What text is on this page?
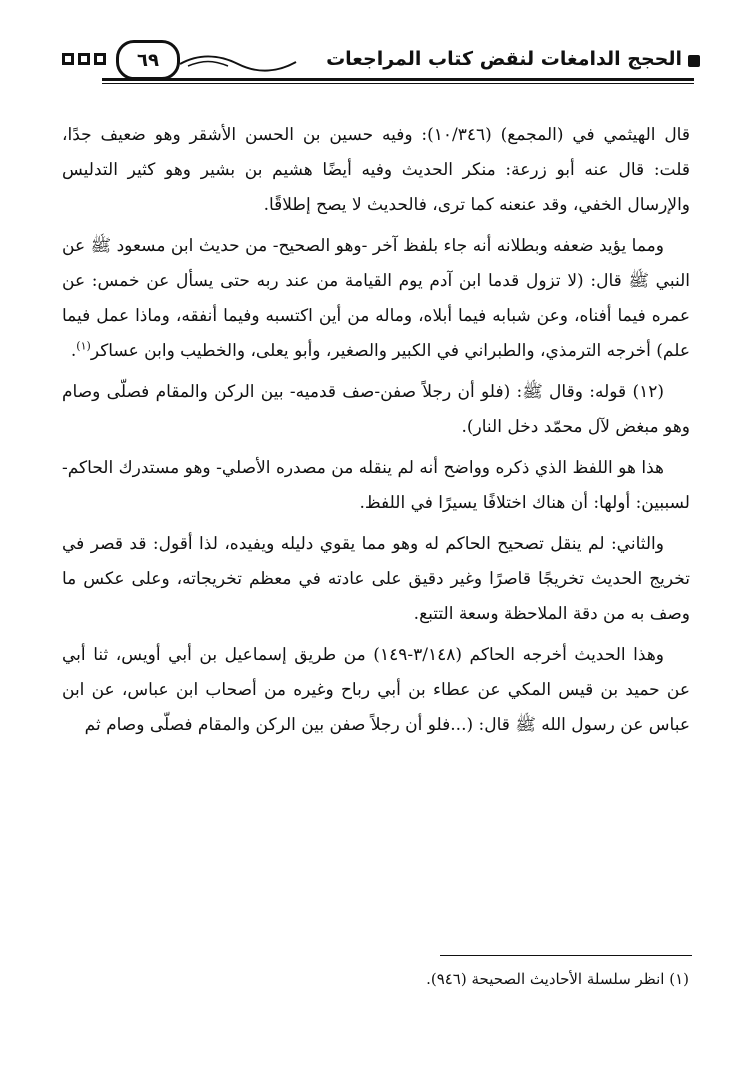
٦٩	الحجج الدامغات لنقض كتاب المراجعات

قال الهيثمي في (المجمع) (١٠/٣٤٦): وفيه حسين بن الحسن الأشقر وهو ضعيف جدًا، قلت: قال عنه أبو زرعة: منكر الحديث وفيه أيضًا هشيم بن بشير وهو كثير التدليس والإرسال الخفي، وقد عنعنه كما ترى، فالحديث لا يصح إطلاقًا.

ومما يؤيد ضعفه وبطلانه أنه جاء بلفظ آخر -وهو الصحيح- من حديث ابن مسعود ﷺ عن النبي ﷺ قال: (لا تزول قدما ابن آدم يوم القيامة من عند ربه حتى يسأل عن خمس: عن عمره فيما أفناه، وعن شبابه فيما أبلاه، وماله من أين اكتسبه وفيما أنفقه، وماذا عمل فيما علم) أخرجه الترمذي، والطبراني في الكبير والصغير، وأبو يعلى، والخطيب وابن عساكر$^{(١)}$.

(١٢) قوله: وقال ﷺ: (فلو أن رجلاً صفن-صف قدميه- بين الركن والمقام فصلّى وصام وهو مبغض لآل محمّد دخل النار).

هذا هو اللفظ الذي ذكره وواضح أنه لم ينقله من مصدره الأصلي- وهو مستدرك الحاكم- لسببين: أولها: أن هناك اختلافًا يسيرًا في اللفظ.

والثاني: لم ينقل تصحيح الحاكم له وهو مما يقوي دليله ويفيده، لذا أقول: قد قصر في تخريج الحديث تخريجًا قاصرًا وغير دقيق على عادته في معظم تخريجاته، وعلى عكس ما وصف به من دقة الملاحظة وسعة التتبع.

وهذا الحديث أخرجه الحاكم (٣/١٤٨-١٤٩) من طريق إسماعيل بن أبي أويس، ثنا أبي عن حميد بن قيس المكي عن عطاء بن أبي رباح وغيره من أصحاب ابن عباس، عن ابن عباس عن رسول الله ﷺ قال: (...فلو أن رجلاً صفن بين الركن والمقام فصلّى وصام ثم

(١) انظر سلسلة الأحاديث الصحيحة (٩٤٦).
